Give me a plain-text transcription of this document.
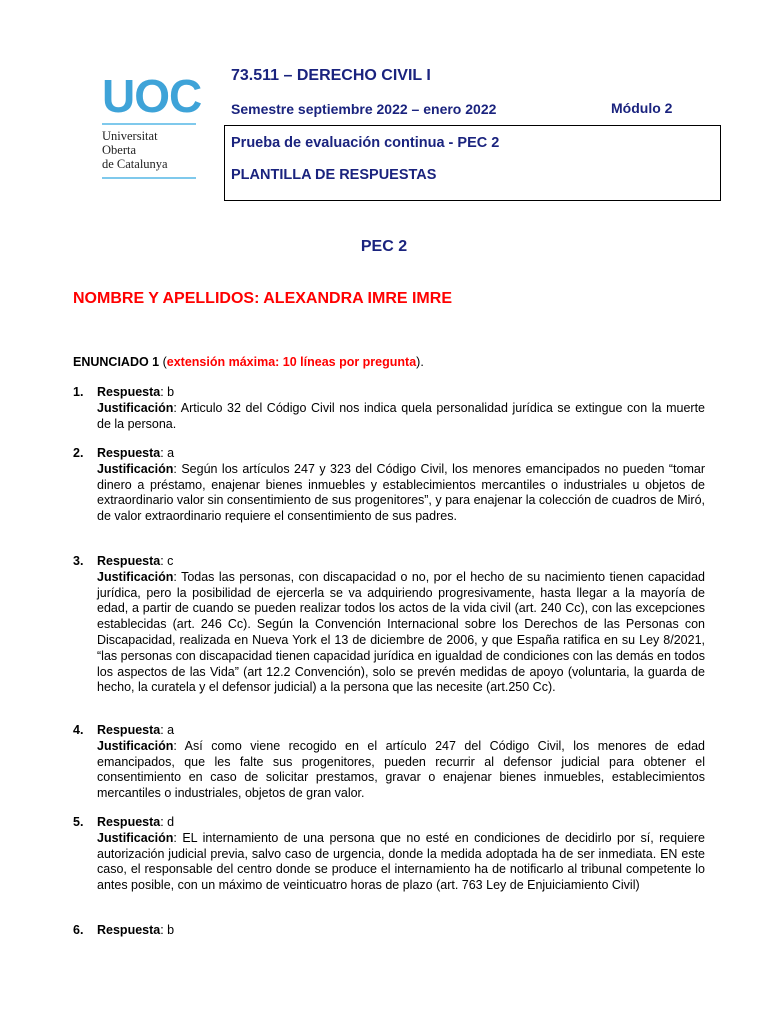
UOC
Universitat
Oberta
de Catalunya
73.511 – DERECHO CIVIL I
Semestre septiembre 2022 – enero 2022	Módulo 2
Prueba de evaluación continua - PEC 2
PLANTILLA DE RESPUESTAS
PEC 2
NOMBRE Y APELLIDOS: ALEXANDRA IMRE IMRE
ENUNCIADO 1 (extensión máxima: 10 líneas por pregunta).
1. Respuesta: b
Justificación: Articulo 32 del Código Civil nos indica quela personalidad jurídica se extingue con la muerte de la persona.
2. Respuesta: a
Justificación: Según los artículos 247 y 323 del Código Civil, los menores emancipados no pueden “tomar dinero a préstamo, enajenar bienes inmuebles y establecimientos mercantiles o industriales u objetos de extraordinario valor sin consentimiento de sus progenitores”, y para enajenar la colección de cuadros de Miró, de valor extraordinario requiere el consentimiento de sus padres.
3. Respuesta: c
Justificación: Todas las personas, con discapacidad o no, por el hecho de su nacimiento tienen capacidad jurídica, pero la posibilidad de ejercerla se va adquiriendo progresivamente, hasta llegar a la mayoría de edad, a partir de cuando se pueden realizar todos los actos de la vida civil (art. 240 Cc), con las excepciones establecidas (art. 246 Cc). Según la Convención Internacional sobre los Derechos de las Personas con Discapacidad, realizada en Nueva York el 13 de diciembre de 2006, y que España ratifica en su Ley 8/2021, “las personas con discapacidad tienen capacidad jurídica en igualdad de condiciones con las demás en todos los aspectos de las Vida” (art 12.2 Convención), solo se prevén medidas de apoyo (voluntaria, la guarda de hecho, la curatela y el defensor judicial) a la persona que las necesite (art.250 Cc).
4. Respuesta: a
Justificación: Así como viene recogido en el artículo 247 del Código Civil, los menores de edad emancipados, que les falte sus progenitores, pueden recurrir al defensor judicial para obtener el consentimiento en caso de solicitar prestamos, gravar o enajenar bienes inmuebles, establecimientos mercantiles o industriales, objetos de gran valor.
5. Respuesta: d
Justificación: EL internamiento de una persona que no esté en condiciones de decidirlo por sí, requiere autorización judicial previa, salvo caso de urgencia, donde la medida adoptada ha de ser inmediata. EN este caso, el responsable del centro donde se produce el internamiento ha de notificarlo al tribunal competente lo antes posible, con un máximo de veinticuatro horas de plazo (art. 763 Ley de Enjuiciamiento Civil)
6. Respuesta: b
